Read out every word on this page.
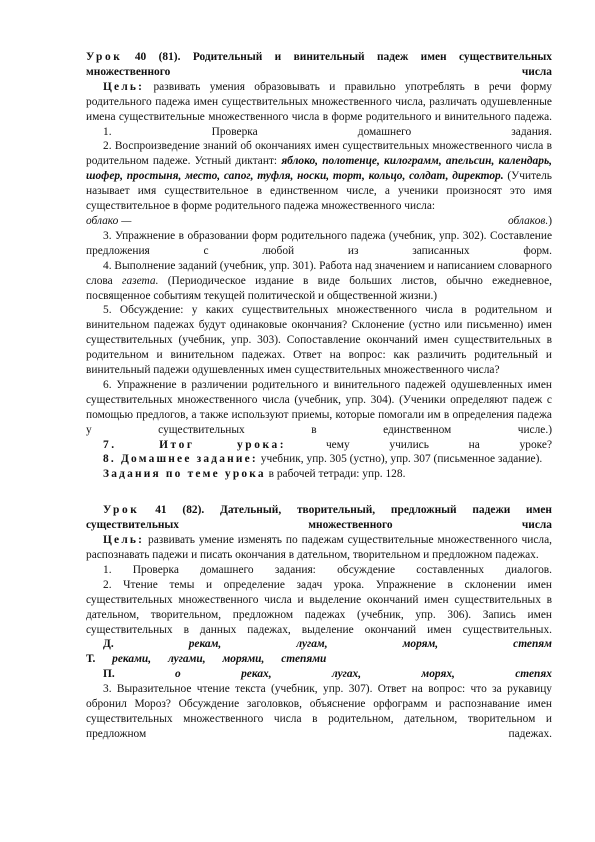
Урок 40 (81). Родительный и винительный падеж имен существительных множественного	числа

Цель: развивать умения образовывать и правильно употреблять в речи форму родительного падежа имен существительных множественного числа, различать одушевленные имена существительные множественного числа в форме родительного и винительного падежа.

1. Проверка домашнего задания.

2. Воспроизведение знаний об окончаниях имен существительных множественного числа в родительном падеже. Устный диктант: яблоко, полотенце, килограмм, апельсин, календарь, шофер, простыня, место, сапог, туфля, носки, торт, кольцо, солдат, директор. (Учитель называет имя существительное в единственном числе, а ученики произносят это имя существительное в форме родительного падежа множественного числа:

облако —	облаков.)

3. Упражнение в образовании форм родительного падежа (учебник, упр. 302). Составление предложения с любой из записанных форм.

4. Выполнение заданий (учебник, упр. 301). Работа над значением и написанием словарного слова газета. (Периодическое издание в виде больших листов, обычно ежедневное, посвященное событиям текущей политической и общественной жизни.)

5. Обсуждение: у каких существительных множественного числа в родительном и винительном падежах будут одинаковые окончания? Склонение (устно или письменно) имен существительных (учебник, упр. 303). Сопоставление окончаний имен существительных в родительном и винительном падежах. Ответ на вопрос: как различить родительный и винительный падежи одушевленных имен существительных множественного числа?

6. Упражнение в различении родительного и винительного падежей одушевленных имен существительных множественного числа (учебник, упр. 304). (Ученики определяют падеж с помощью предлогов, а также используют приемы, которые помогали им в определения падежа у существительных в единственном числе.)

7. Итог урока:	чему учились на уроке?

8. Домашнее задание: учебник, упр. 305 (устно), упр. 307 (письменное задание).

Задания по теме урока в рабочей тетради: упр. 128.

Урок 41 (82). Дательный, творительный, предложный падежи имен существительных множественного	числа

Цель: развивать умение изменять по падежам существительные множественного числа, распознавать падежи и писать окончания в дательном, творительном и предложном падежах.

1. Проверка домашнего задания: обсуждение составленных диалогов.

2. Чтение темы и определение задач урока. Упражнение в склонении имен существительных множественного числа и выделение окончаний имен существительных в дательном, творительном, предложном падежах (учебник, упр. 306). Запись имен существительных в данных падежах, выделение окончаний имен существительных.

Д.	рекам,	лугам,	морям,	степям
Т. реками, лугами, морями, степями
П.	о	реках,	лугах,	морях,	степях

3. Выразительное чтение текста (учебник, упр. 307). Ответ на вопрос: что за рукавицу обронил Мороз? Обсуждение заголовков, объяснение орфограмм и распознавание имен существительных множественного числа в родительном, дательном, творительном и предложном	падежах.
